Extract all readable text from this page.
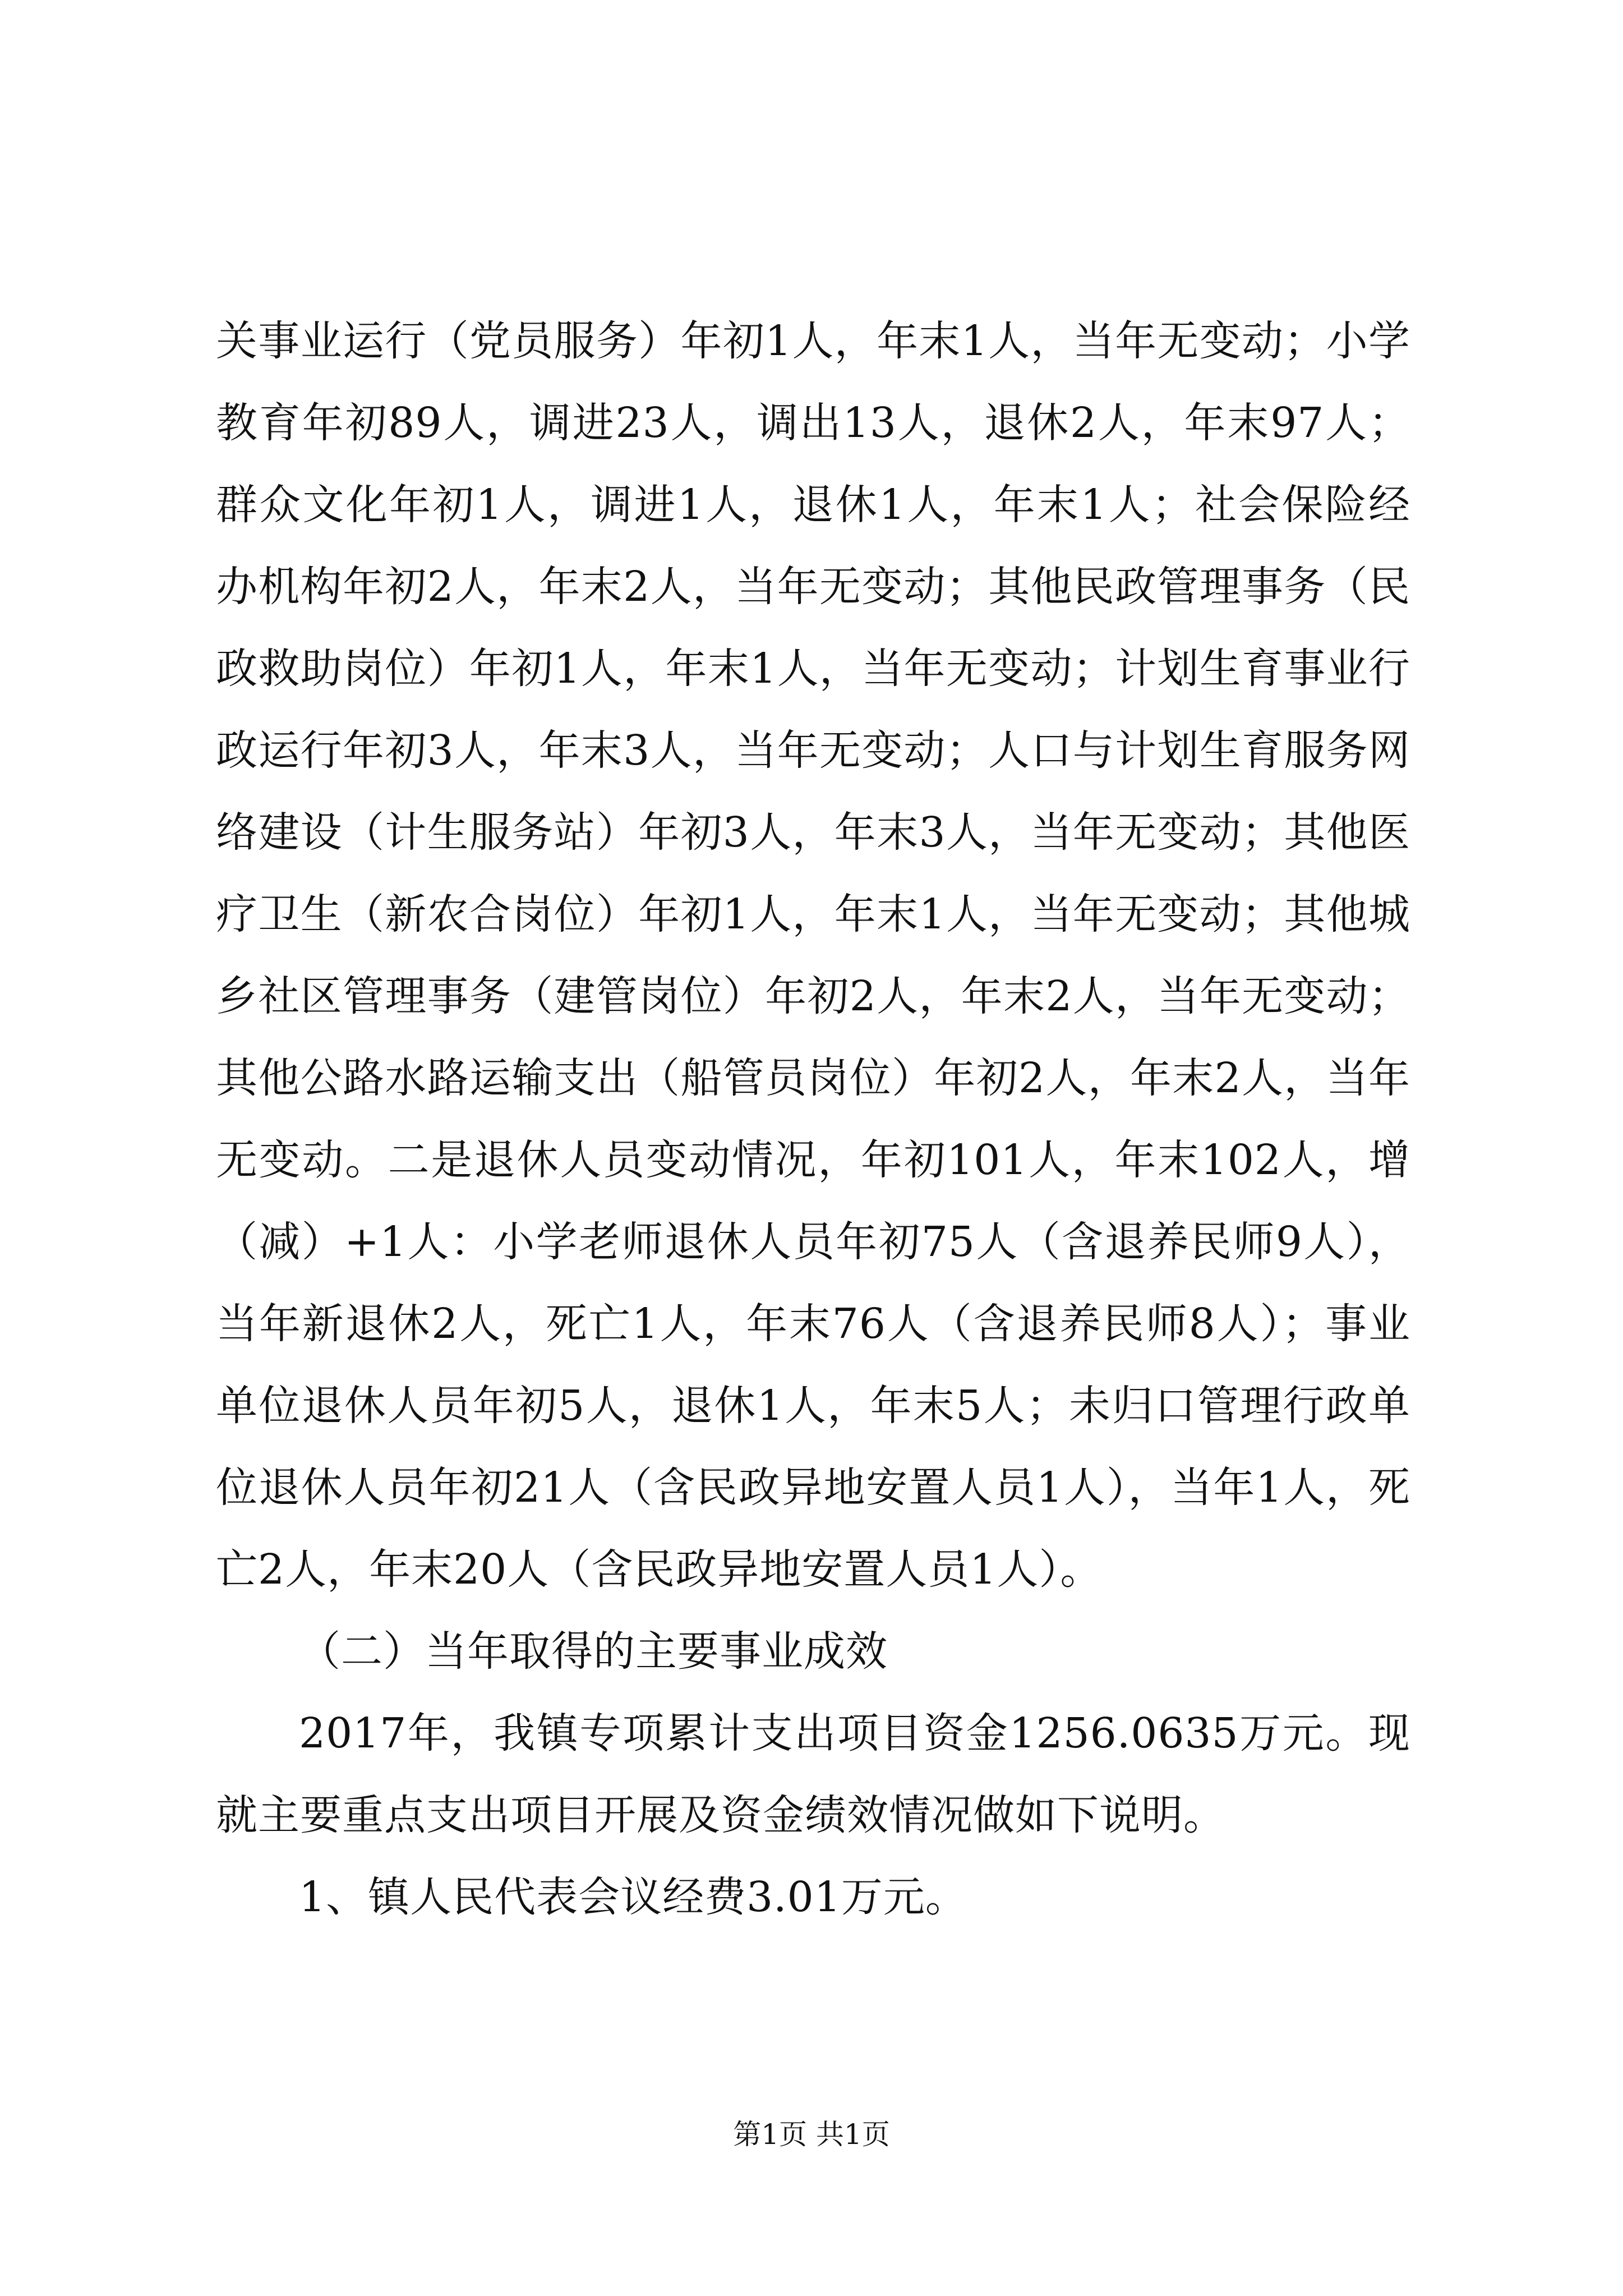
关事业运行（党员服务）年初1人，年末1人，当年无变动；小学教育年初89人，调进23人，调出13人，退休2人，年末97人；群众文化年初1人，调进1人，退休1人，年末1人；社会保险经办机构年初2人，年末2人，当年无变动；其他民政管理事务（民政救助岗位）年初1人，年末1人，当年无变动；计划生育事业行政运行年初3人，年末3人，当年无变动；人口与计划生育服务网络建设（计生服务站）年初3人，年末3人，当年无变动；其他医疗卫生（新农合岗位）年初1人，年末1人，当年无变动；其他城乡社区管理事务（建管岗位）年初2人，年末2人，当年无变动；其他公路水路运输支出（船管员岗位）年初2人，年末2人，当年无变动。二是退休人员变动情况，年初101人，年末102人，增（减）+1人：小学老师退休人员年初75人（含退养民师9人），当年新退休2人，死亡1人，年末76人（含退养民师8人）；事业单位退休人员年初5人，退休1人，年末5人；未归口管理行政单位退休人员年初21人（含民政异地安置人员1人），当年1人，死亡2人，年末20人（含民政异地安置人员1人）。

（二）当年取得的主要事业成效

2017年，我镇专项累计支出项目资金1256.0635万元。现就主要重点支出项目开展及资金绩效情况做如下说明。

1、镇人民代表会议经费3.01万元。

第1页 共1页
